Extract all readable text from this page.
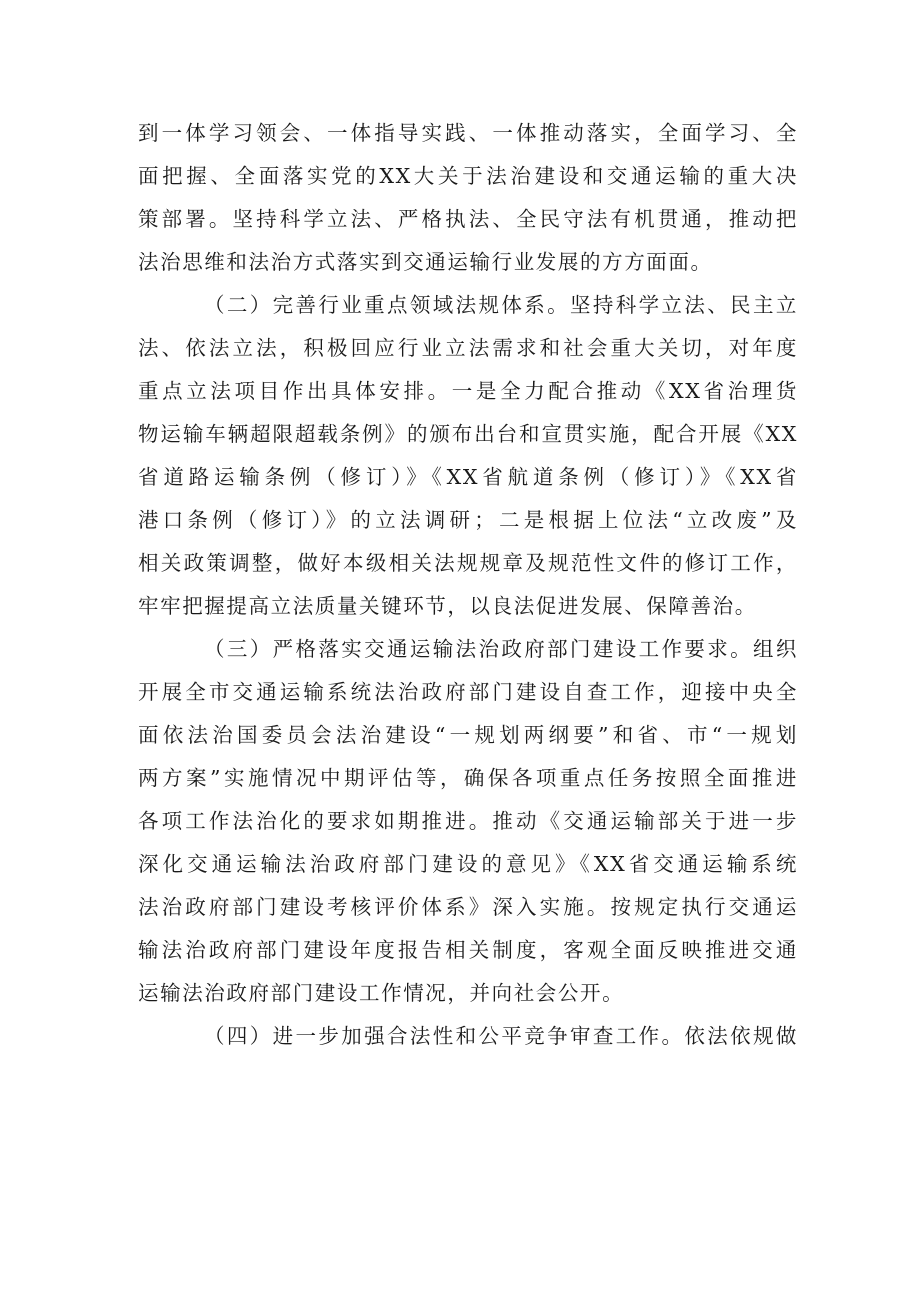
到一体学习领会、一体指导实践、一体推动落实，全面学习、全
面把握、全面落实党的XX大关于法治建设和交通运输的重大决
策部署。坚持科学立法、严格执法、全民守法有机贯通，推动把
法治思维和法治方式落实到交通运输行业发展的方方面面。
（二）完善行业重点领域法规体系。坚持科学立法、民主立
法、依法立法，积极回应行业立法需求和社会重大关切，对年度
重点立法项目作出具体安排。一是全力配合推动《XX省治理货
物运输车辆超限超载条例》的颁布出台和宣贯实施，配合开展《XX
省道路运输条例（修订）》《XX省航道条例（修订）》《XX省
港口条例（修订）》的立法调研；二是根据上位法“立改废”及
相关政策调整，做好本级相关法规规章及规范性文件的修订工作，
牢牢把握提高立法质量关键环节，以良法促进发展、保障善治。
（三）严格落实交通运输法治政府部门建设工作要求。组织
开展全市交通运输系统法治政府部门建设自查工作，迎接中央全
面依法治国委员会法治建设“一规划两纲要”和省、市“一规划
两方案”实施情况中期评估等，确保各项重点任务按照全面推进
各项工作法治化的要求如期推进。推动《交通运输部关于进一步
深化交通运输法治政府部门建设的意见》《XX省交通运输系统
法治政府部门建设考核评价体系》深入实施。按规定执行交通运
输法治政府部门建设年度报告相关制度，客观全面反映推进交通
运输法治政府部门建设工作情况，并向社会公开。
（四）进一步加强合法性和公平竞争审查工作。依法依规做
